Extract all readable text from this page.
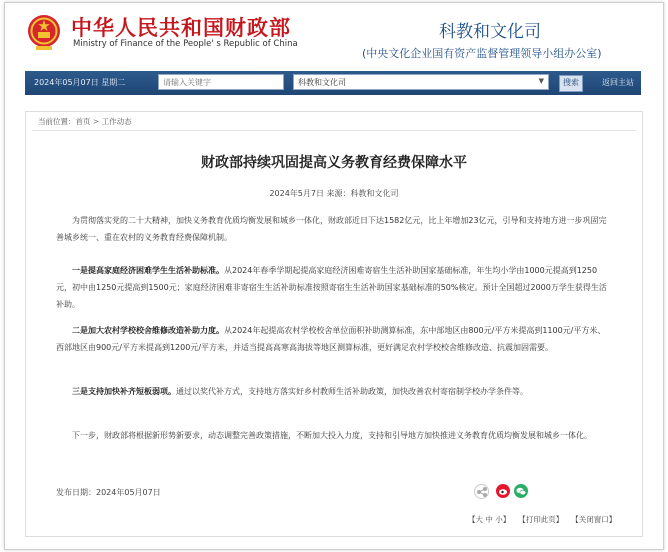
中华人民共和国财政部
Ministry of Finance of the People' s Republic of China
科教和文化司
(中央文化企业国有资产监督管理领导小组办公室)
2024年05月07日 星期二
请输入关键字	科教和文化司	▼	搜索	返回主站
当前位置：首页 > 工作动态
财政部持续巩固提高义务教育经费保障水平
2024年5月7日 来源：科教和文化司

为贯彻落实党的二十大精神，加快义务教育优质均衡发展和城乡一体化，财政部近日下达1582亿元，比上年增加23亿元，引导和支持地方进一步巩固完善城乡统一、重在农村的义务教育经费保障机制。

一是提高家庭经济困难学生生活补助标准。从2024年春季学期起提高家庭经济困难寄宿生生活补助国家基础标准，年生均小学由1000元提高到1250元，初中由1250元提高到1500元；家庭经济困难非寄宿生生活补助标准按照寄宿生生活补助国家基础标准的50%核定。预计全国超过2000万学生获得生活补助。

二是加大农村学校校舍维修改造补助力度。从2024年起提高农村学校校舍单位面积补助测算标准，东中部地区由800元/平方米提高到1100元/平方米、西部地区由900元/平方米提高到1200元/平方米，并适当提高高寒高海拔等地区测算标准，更好满足农村学校校舍维修改造、抗震加固需要。

三是支持加快补齐短板弱项。通过以奖代补方式，支持地方落实好乡村教师生活补助政策，加快改善农村寄宿制学校办学条件等。

下一步，财政部将根据新形势新要求，动态调整完善政策措施，不断加大投入力度，支持和引导地方加快推进义务教育优质均衡发展和城乡一体化。

发布日期：2024年05月07日
【大 中 小】 【打印此页】 【关闭窗口】
